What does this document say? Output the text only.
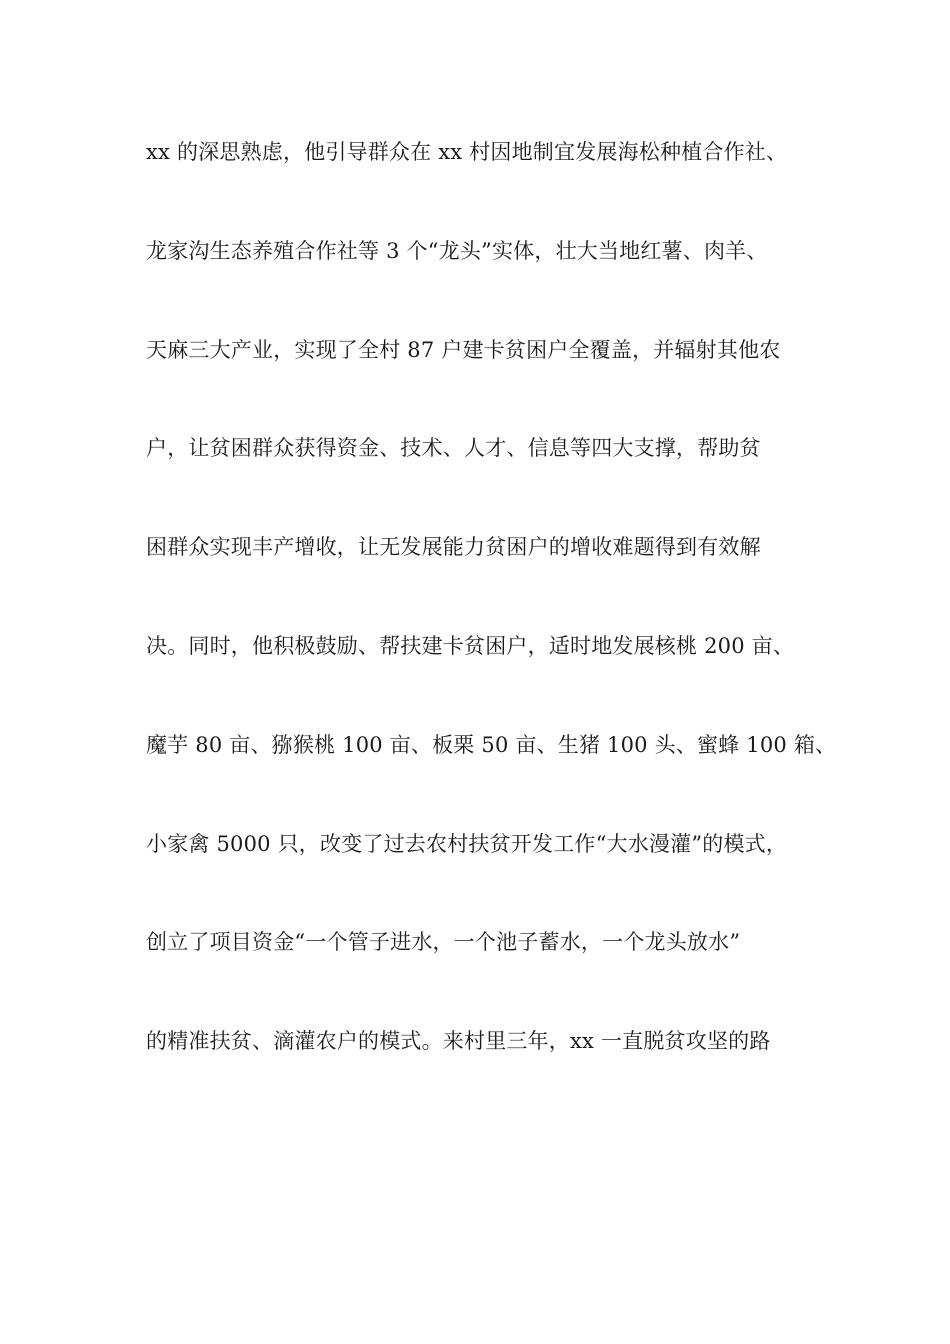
xx 的深思熟虑，他引导群众在 xx 村因地制宜发展海松种植合作社、
龙家沟生态养殖合作社等 3 个“龙头”实体，壮大当地红薯、肉羊、
天麻三大产业，实现了全村 87 户建卡贫困户全覆盖，并辐射其他农
户，让贫困群众获得资金、技术、人才、信息等四大支撑，帮助贫
困群众实现丰产增收，让无发展能力贫困户的增收难题得到有效解
决。同时，他积极鼓励、帮扶建卡贫困户，适时地发展核桃 200 亩、
魔芋 80 亩、猕猴桃 100 亩、板栗 50 亩、生猪 100 头、蜜蜂 100 箱、
小家禽 5000 只，改变了过去农村扶贫开发工作“大水漫灌”的模式，
创立了项目资金“一个管子进水，一个池子蓄水，一个龙头放水”
的精准扶贫、滴灌农户的模式。来村里三年，xx 一直脱贫攻坚的路
